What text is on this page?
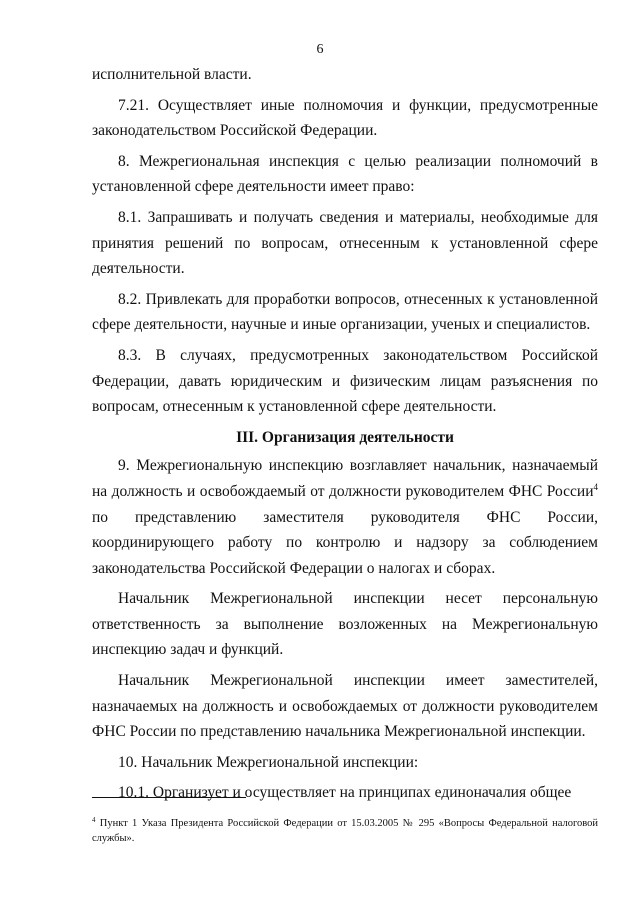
6

исполнительной власти.

7.21. Осуществляет иные полномочия и функции, предусмотренные законодательством Российской Федерации.

8. Межрегиональная инспекция с целью реализации полномочий в установленной сфере деятельности имеет право:

8.1. Запрашивать и получать сведения и материалы, необходимые для принятия решений по вопросам, отнесенным к установленной сфере деятельности.

8.2. Привлекать для проработки вопросов, отнесенных к установленной сфере деятельности, научные и иные организации, ученых и специалистов.

8.3. В случаях, предусмотренных законодательством Российской Федерации, давать юридическим и физическим лицам разъяснения по вопросам, отнесенным к установленной сфере деятельности.

III. Организация деятельности

9. Межрегиональную инспекцию возглавляет начальник, назначаемый на должность и освобождаемый от должности руководителем ФНС России$^4$ по представлению заместителя руководителя ФНС России, координирующего работу по контролю и надзору за соблюдением законодательства Российской Федерации о налогах и сборах.

Начальник Межрегиональной инспекции несет персональную ответственность за выполнение возложенных на Межрегиональную инспекцию задач и функций.

Начальник Межрегиональной инспекции имеет заместителей, назначаемых на должность и освобождаемых от должности руководителем ФНС России по представлению начальника Межрегиональной инспекции.

10. Начальник Межрегиональной инспекции:

10.1. Организует и осуществляет на принципах единоначалия общее

$^4$ Пункт 1 Указа Президента Российской Федерации от 15.03.2005 № 295 «Вопросы Федеральной налоговой службы».
